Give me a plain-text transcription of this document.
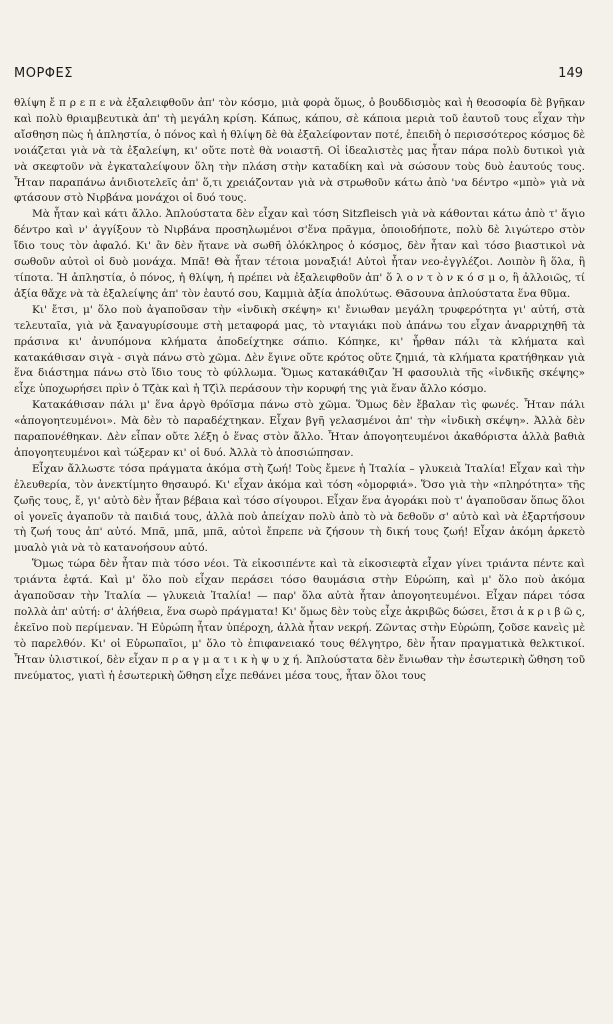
ΜΟΡΦΕΣ	149

θλίψη ἔ π ρ ε π ε νὰ ἐξαλειφθοῦν ἀπ' τὸν κόσμο, μιὰ φορὰ ὅμως, ὁ βουδδισμὸς καὶ ἡ θεοσοφία δὲ βγῆκαν καὶ πολὺ θριαμβευτικὰ ἀπ' τὴ μεγάλη κρίση. Κάπως, κάπου, σὲ κάποια μεριὰ τοῦ ἑαυτοῦ τους εἶχαν τὴν αἴσθηση πὼς ἡ ἀπληστία, ὁ πόνος καὶ ἡ θλίψη δὲ θὰ ἐξαλείφονταν ποτέ, ἐπειδὴ ὁ περισσότερος κόσμος δὲ νοιάζεται γιὰ νὰ τὰ ἐξαλείψη, κι' οὔτε ποτὲ θὰ νοιαστῆ. Οἱ ἰδεαλιστὲς μας ἦταν πάρα πολὺ δυτικοὶ γιὰ νὰ σκεφτοῦν νὰ ἐγκαταλείψουν ὅλη τὴν πλάση στὴν καταδίκη καὶ νὰ σώσουν τοὺς δυὸ ἑαυτούς τους. Ἦταν παραπάνω ἀνιδιοτελεῖς ἀπ' ὅ,τι χρειάζονταν γιὰ νὰ στρωθοῦν κάτω ἀπὸ 'να δέντρο «μπὸ» γιὰ νὰ φτάσουν στὸ Νιρβάνα μονάχοι οἱ δυό τους.

Μὰ ἦταν καὶ κάτι ἄλλο. Ἀπλούστατα δὲν εἶχαν καὶ τόση Sitzfleisch γιὰ νὰ κάθονται κάτω ἀπὸ τ' ἅγιο δέντρο καὶ ν' ἀγγίξουν τὸ Νιρβάνα προσηλωμένοι σ'ἕνα πρᾶγμα, ὁποιοδήποτε, πολὺ δὲ λιγώτερο στὸν ἴδιο τους τὸν ἀφαλό. Κι' ἂν δὲν ἤτανε νὰ σωθῆ ὁλόκληρος ὁ κόσμος, δὲν ἦταν καὶ τόσο βιαστικοὶ νὰ σωθοῦν αὐτοὶ οἱ δυὸ μονάχα. Μπᾶ! Θὰ ἦταν τέτοια μοναξιά! Αὐτοὶ ἦταν νεο-ἐγγλέζοι. Λοιπὸν ἢ ὅλα, ἢ τίποτα. Ἡ ἀπληστία, ὁ πόνος, ἡ θλίψη, ἡ πρέπει νὰ ἐξαλειφθοῦν ἀπ' ὅ λ ο ν τ ὸ ν κ ό σ μ ο, ἢ ἀλλοιῶς, τί ἀξία θἄχε νὰ τὰ ἐξαλείψης ἀπ' τὸν ἑαυτό σου, Καμμιὰ ἀξία ἀπολύτως. Θᾶσουνα ἁπλούστατα ἕνα θῦμα.

Κι' ἔτσι, μ' ὅλο ποὺ ἀγαποῦσαν τὴν «ἰνδικὴ σκέψη» κι' ἔνιωθαν μεγάλη τρυφερότητα γι' αὐτή, στὰ τελευταῖα, γιὰ νὰ ξαναγυρίσουμε στὴ μεταφορά μας, τὸ νταγιάκι ποὺ ἀπάνω του εἶχαν ἀναρριχηθῆ τὰ πράσινα κι' ἀνυπόμονα κλήματα ἀποδείχτηκε σάπιο. Κόπηκε, κι' ἦρθαν πάλι τὰ κλήματα καὶ κατακάθισαν σιγὰ - σιγὰ πάνω στὸ χῶμα. Δὲν ἔγινε οὔτε κρότος οὔτε ζημιά, τὰ κλήματα κρατήθηκαν γιὰ ἕνα διάστημα πάνω στὸ ἴδιο τους τὸ φύλλωμα. Ὅμως κατακάθιζαν Ἡ φασουλιὰ τῆς «ἰνδικῆς σκέψης» εἶχε ὑποχωρήσει πρὶν ὁ Τζὰκ καὶ ἡ Τζὶλ περάσουν τὴν κορυφή της γιὰ ἕναν ἄλλο κόσμο.

Κατακάθισαν πάλι μ' ἕνα ἀργὸ θρόϊσμα πάνω στὸ χῶμα. Ὅμως δὲν ἔβαλαν τὶς φωνές. Ἦταν πάλι «ἀπογοητευμένοι». Μὰ δὲν τὸ παραδέχτηκαν. Εἶχαν βγῆ γελασμένοι ἀπ' τὴν «ἰνδικὴ σκέψη». Ἀλλὰ δὲν παραπονέθηκαν. Δὲν εἶπαν οὔτε λέξη ὁ ἕνας στὸν ἄλλο. Ἦταν ἀπογοητευμένοι ἀκαθόριστα ἀλλὰ βαθιὰ ἀπογοητευμένοι καὶ τώξεραν κι' οἱ δυό. Ἀλλὰ τὸ ἀποσιώπησαν.

Εἶχαν ἄλλωστε τόσα πράγματα ἀκόμα στὴ ζωή! Τοὺς ἔμενε ἡ Ἰταλία – γλυκειὰ Ἰταλία! Εἶχαν καὶ τὴν ἐλευθερία, τὸν ἀνεκτίμητο θησαυρό. Κι' εἶχαν ἀκόμα καὶ τόση «ὁμορφιά». Ὅσο γιὰ τὴν «πληρότητα» τῆς ζωῆς τους, ἔ, γι' αὐτὸ δὲν ἦταν βέβαια καὶ τόσο σίγουροι. Εἶχαν ἕνα ἀγοράκι ποὺ τ' ἀγαποῦσαν ὅπως ὅλοι οἱ γονεῖς ἀγαποῦν τὰ παιδιά τους, ἀλλὰ ποὺ ἀπείχαν πολὺ ἀπὸ τὸ νὰ δεθοῦν σ' αὐτὸ καὶ νὰ ἐξαρτήσουν τὴ ζωή τους ἀπ' αὐτό. Μπᾶ, μπᾶ, μπᾶ, αὐτοὶ ἔπρεπε νὰ ζήσουν τὴ δική τους ζωή! Εἶχαν ἀκόμη ἀρκετὸ μυαλὸ γιὰ νὰ τὸ κατανοήσουν αὐτό.

Ὅμως τώρα δὲν ἦταν πιὰ τόσο νέοι. Τὰ εἰκοσιπέντε καὶ τὰ εἰκοσιεφτὰ εἶχαν γίνει τριάντα πέντε καὶ τριάντα ἑφτά. Καὶ μ' ὅλο ποὺ εἶχαν περάσει τόσο θαυμάσια στὴν Εὐρώπη, καὶ μ' ὅλο ποὺ ἀκόμα ἀγαποῦσαν τὴν Ἰταλία — γλυκειὰ Ἰταλία! — παρ' ὅλα αὐτὰ ἦταν ἀπογοητευμένοι. Εἶχαν πάρει τόσα πολλὰ ἀπ' αὐτή: σ' ἀλήθεια, ἕνα σωρὸ πράγματα! Κι' ὅμως δὲν τοὺς εἶχε ἀκριβῶς δώσει, ἔτσι ἀ κ ρ ι β ῶ ς, ἐκεῖνο ποὺ περίμεναν. Ἡ Εὐρώπη ἦταν ὑπέροχη, ἀλλὰ ἦταν νεκρή. Ζῶντας στὴν Εὐρώπη, ζοῦσε κανεὶς μὲ τὸ παρελθόν. Κι' οἱ Εὐρωπαῖοι, μ' ὅλο τὸ ἐπιφανειακό τους θέλγητρο, δὲν ἦταν πραγματικὰ θελκτικοί. Ἦταν ὑλιστικοί, δὲν εἶχαν π ρ α γ μ α τ ι κ ὴ ψ υ χ ή. Ἀπλούστατα δὲν ἔνιωθαν τὴν ἐσωτερικὴ ὤθηση τοῦ πνεύματος, γιατὶ ἡ ἐσωτερικὴ ὤθηση εἶχε πεθάνει μέσα τους, ἦταν ὅλοι τους
